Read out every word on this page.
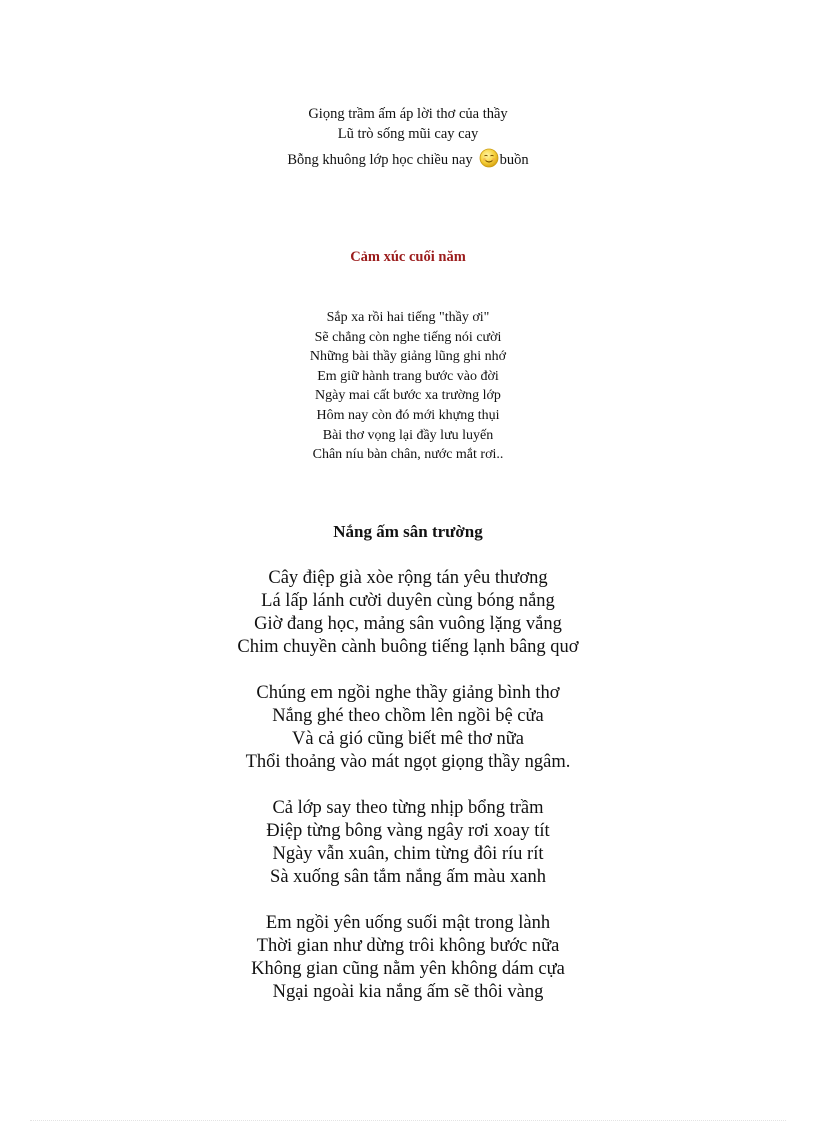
Giọng trầm ấm áp lời thơ của thầy
Lũ trò sống mũi cay cay
Bỗng khuông lớp học chiều nay buồn
Cảm xúc cuối năm
Sắp xa rồi hai tiếng "thầy ơi"
Sẽ chẳng còn nghe tiếng nói cười
Những bài thầy giảng lũng ghi nhớ
Em giữ hành trang bước vào đời
Ngày mai cất bước xa trường lớp
Hôm nay còn đó mới khựng thụi
Bài thơ vọng lại đầy lưu luyến
Chân níu bàn chân, nước mắt rơi..
Nắng ấm sân trường
Cây điệp già xòe rộng tán yêu thương
Lá lấp lánh cười duyên cùng bóng nắng
Giờ đang học, mảng sân vuông lặng vắng
Chim chuyền cành buông tiếng lạnh bâng quơ
Chúng em ngồi nghe thầy giảng bình thơ
Nắng ghé theo chồm lên ngồi bệ cửa
Và cả gió cũng biết mê thơ nữa
Thổi thoảng vào mát ngọt giọng thầy ngâm.
Cả lớp say theo từng nhịp bổng trầm
Điệp từng bông vàng ngây rơi xoay tít
Ngày vẫn xuân, chim từng đôi ríu rít
Sà xuống sân tắm nắng ấm màu xanh
Em ngồi yên uống suối mật trong lành
Thời gian như dừng trôi không bước nữa
Không gian cũng nằm yên không dám cựa
Ngại ngoài kia nắng ấm sẽ thôi vàng
